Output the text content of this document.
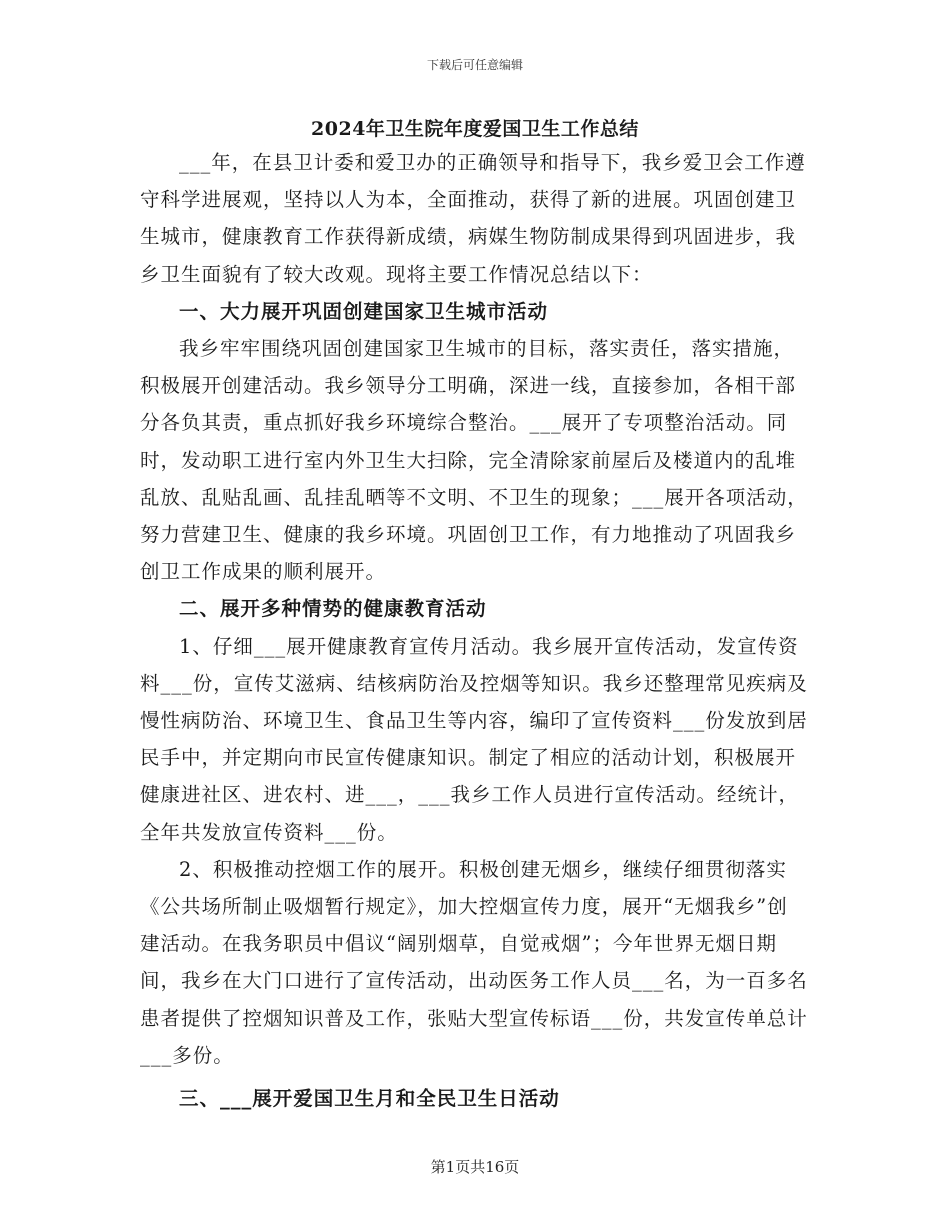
下载后可任意编辑
2024年卫生院年度爱国卫生工作总结

___年，在县卫计委和爱卫办的正确领导和指导下，我乡爱卫会工作遵守科学进展观，坚持以人为本，全面推动，获得了新的进展。巩固创建卫生城市，健康教育工作获得新成绩，病媒生物防制成果得到巩固进步，我乡卫生面貌有了较大改观。现将主要工作情况总结以下：

一、大力展开巩固创建国家卫生城市活动

我乡牢牢围绕巩固创建国家卫生城市的目标，落实责任，落实措施，积极展开创建活动。我乡领导分工明确，深进一线，直接参加，各相干部分各负其责，重点抓好我乡环境综合整治。___展开了专项整治活动。同时，发动职工进行室内外卫生大扫除，完全清除家前屋后及楼道内的乱堆乱放、乱贴乱画、乱挂乱晒等不文明、不卫生的现象；___展开各项活动，努力营建卫生、健康的我乡环境。巩固创卫工作，有力地推动了巩固我乡创卫工作成果的顺利展开。

二、展开多种情势的健康教育活动

1、仔细___展开健康教育宣传月活动。我乡展开宣传活动，发宣传资料___份，宣传艾滋病、结核病防治及控烟等知识。我乡还整理常见疾病及慢性病防治、环境卫生、食品卫生等内容，编印了宣传资料___份发放到居民手中，并定期向市民宣传健康知识。制定了相应的活动计划，积极展开健康进社区、进农村、进___，___我乡工作人员进行宣传活动。经统计，全年共发放宣传资料___份。

2、积极推动控烟工作的展开。积极创建无烟乡，继续仔细贯彻落实《公共场所制止吸烟暂行规定》，加大控烟宣传力度，展开“无烟我乡”创建活动。在我务职员中倡议“阔别烟草，自觉戒烟”；今年世界无烟日期间，我乡在大门口进行了宣传活动，出动医务工作人员___名，为一百多名患者提供了控烟知识普及工作，张贴大型宣传标语___份，共发宣传单总计___多份。

三、___展开爱国卫生月和全民卫生日活动

第1页共16页
